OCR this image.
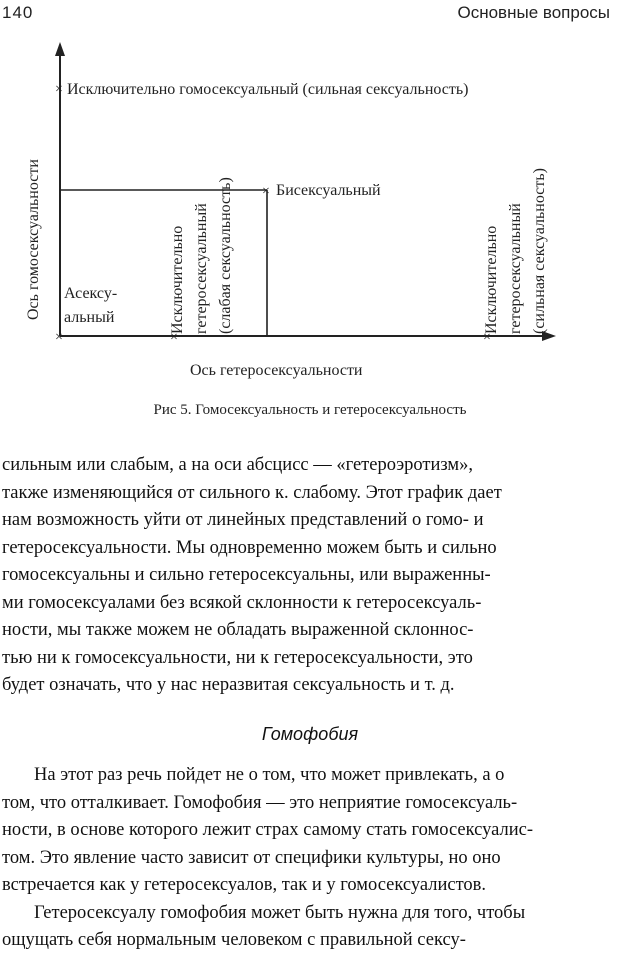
140	Основные вопросы
×
×
×	×	×
Исключительно гомосексуальный (сильная сексуальность)
Бисексуальный
Асексу-
альный	Исключительно гетеросексуальный (слабая сексуальность)	Исключительно гетеросексуальный (сильная сексуальность)
Ось гомосексуальности
Ось гетеросексуальности
Рис 5. Гомосексуальность и гетеросексуальность

сильным или слабым, а на оси абсцисс — «гетероэротизм»,

также изменяющийся от сильного к. слабому. Этот график дает

нам возможность уйти от линейных представлений о гомо- и

гетеросексуальности. Мы одновременно можем быть и сильно

гомосексуальны и сильно гетеросексуальны, или выраженны-

ми гомосексуалами без всякой склонности к гетеросексуаль-

ности, мы также можем не обладать выраженной склоннос-

тью ни к гомосексуальности, ни к гетеросексуальности, это

будет означать, что у нас неразвитая сексуальность и т. д.

Гомофобия

На этот раз речь пойдет не о том, что может привлекать, а о

том, что отталкивает. Гомофобия — это неприятие гомосексуаль-

ности, в основе которого лежит страх самому стать гомосексуалис-

том. Это явление часто зависит от специфики культуры, но оно

встречается как у гетеросексуалов, так и у гомосексуалистов.

Гетеросексуалу гомофобия может быть нужна для того, чтобы

ощущать себя нормальным человеком с правильной сексу-
